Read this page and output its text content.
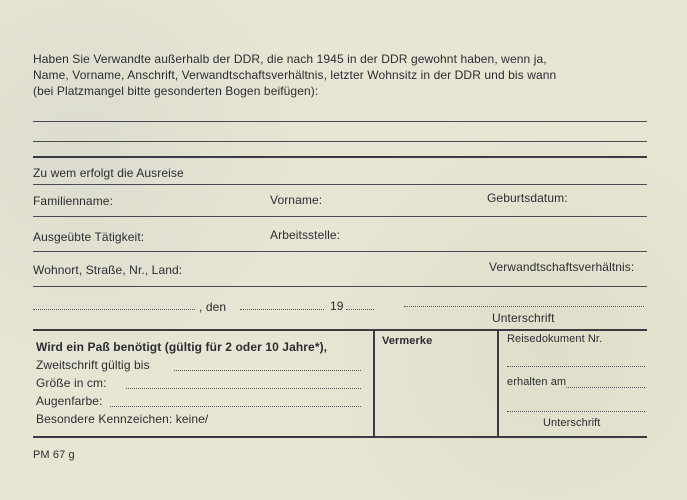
Haben Sie Verwandte außerhalb der DDR, die nach 1945 in der DDR gewohnt haben, wenn ja,
Name, Vorname, Anschrift, Verwandtschaftsverhältnis, letzter Wohnsitz in der DDR und bis wann
(bei Platzmangel bitte gesonderten Bogen beifügen):
Zu wem erfolgt die Ausreise
Familienname:	Vorname:	Geburtsdatum:
Ausgeübte Tätigkeit:	Arbeitsstelle:
Wohnort, Straße, Nr., Land:	Verwandtschaftsverhältnis:
, den	19
Unterschrift
Wird ein Paß benötigt (gültig für 2 oder 10 Jahre*),
Zweitschrift gültig bis
Größe in cm:
Augenfarbe:
Besondere Kennzeichen: keine/
Vermerke	Reisedokument Nr.
erhalten am
Unterschrift
PM 67 g
